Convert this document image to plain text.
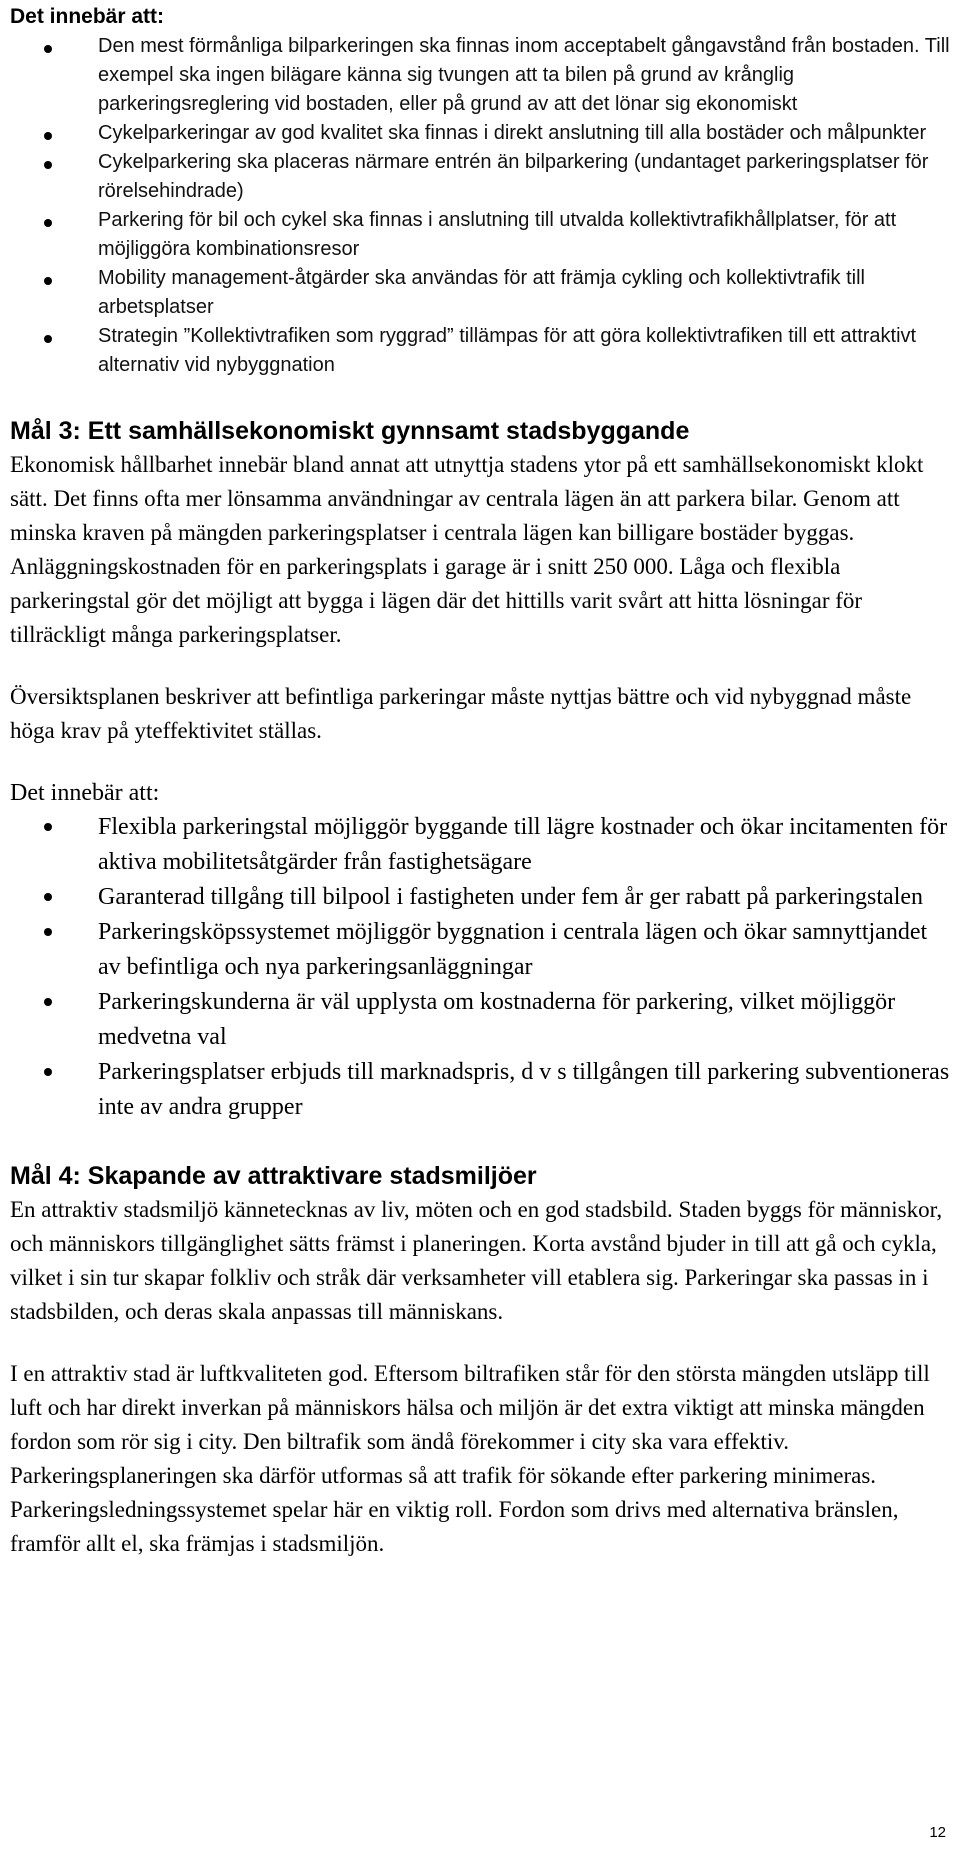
Det innebär att:

Den mest förmånliga bilparkeringen ska finnas inom acceptabelt gångavstånd från bostaden. Till exempel ska ingen bilägare känna sig tvungen att ta bilen på grund av krånglig parkeringsreglering vid bostaden, eller på grund av att det lönar sig ekonomiskt
Cykelparkeringar av god kvalitet ska finnas i direkt anslutning till alla bostäder och målpunkter
Cykelparkering ska placeras närmare entrén än bilparkering (undantaget parkeringsplatser för rörelsehindrade)
Parkering för bil och cykel ska finnas i anslutning till utvalda kollektivtrafikhållplatser, för att möjliggöra kombinationsresor
Mobility management-åtgärder ska användas för att främja cykling och kollektivtrafik till arbetsplatser
Strategin ”Kollektivtrafiken som ryggrad” tillämpas för att göra kollektivtrafiken till ett attraktivt alternativ vid nybyggnation
Mål 3: Ett samhällsekonomiskt gynnsamt stadsbyggande

Ekonomisk hållbarhet innebär bland annat att utnyttja stadens ytor på ett samhällsekonomiskt klokt sätt. Det finns ofta mer lönsamma användningar av centrala lägen än att parkera bilar. Genom att minska kraven på mängden parkeringsplatser i centrala lägen kan billigare bostäder byggas. Anläggningskostnaden för en parkeringsplats i garage är i snitt 250 000. Låga och flexibla parkeringstal gör det möjligt att bygga i lägen där det hittills varit svårt att hitta lösningar för tillräckligt många parkeringsplatser.

Översiktsplanen beskriver att befintliga parkeringar måste nyttjas bättre och vid nybyggnad måste höga krav på yteffektivitet ställas.

Det innebär att:

Flexibla parkeringstal möjliggör byggande till lägre kostnader och ökar incitamenten för aktiva mobilitetsåtgärder från fastighetsägare
Garanterad tillgång till bilpool i fastigheten under fem år ger rabatt på parkeringstalen
Parkeringsköpssystemet möjliggör byggnation i centrala lägen och ökar samnyttjandet av befintliga och nya parkeringsanläggningar
Parkeringskunderna är väl upplysta om kostnaderna för parkering, vilket möjliggör medvetna val
Parkeringsplatser erbjuds till marknadspris, d v s tillgången till parkering subventioneras inte av andra grupper
Mål 4: Skapande av attraktivare stadsmiljöer

En attraktiv stadsmiljö kännetecknas av liv, möten och en god stadsbild. Staden byggs för människor, och människors tillgänglighet sätts främst i planeringen. Korta avstånd bjuder in till att gå och cykla, vilket i sin tur skapar folkliv och stråk där verksamheter vill etablera sig. Parkeringar ska passas in i stadsbilden, och deras skala anpassas till människans.

I en attraktiv stad är luftkvaliteten god. Eftersom biltrafiken står för den största mängden utsläpp till luft och har direkt inverkan på människors hälsa och miljön är det extra viktigt att minska mängden fordon som rör sig i city. Den biltrafik som ändå förekommer i city ska vara effektiv. Parkeringsplaneringen ska därför utformas så att trafik för sökande efter parkering minimeras. Parkeringsledningssystemet spelar här en viktig roll. Fordon som drivs med alternativa bränslen, framför allt el, ska främjas i stadsmiljön.

12
